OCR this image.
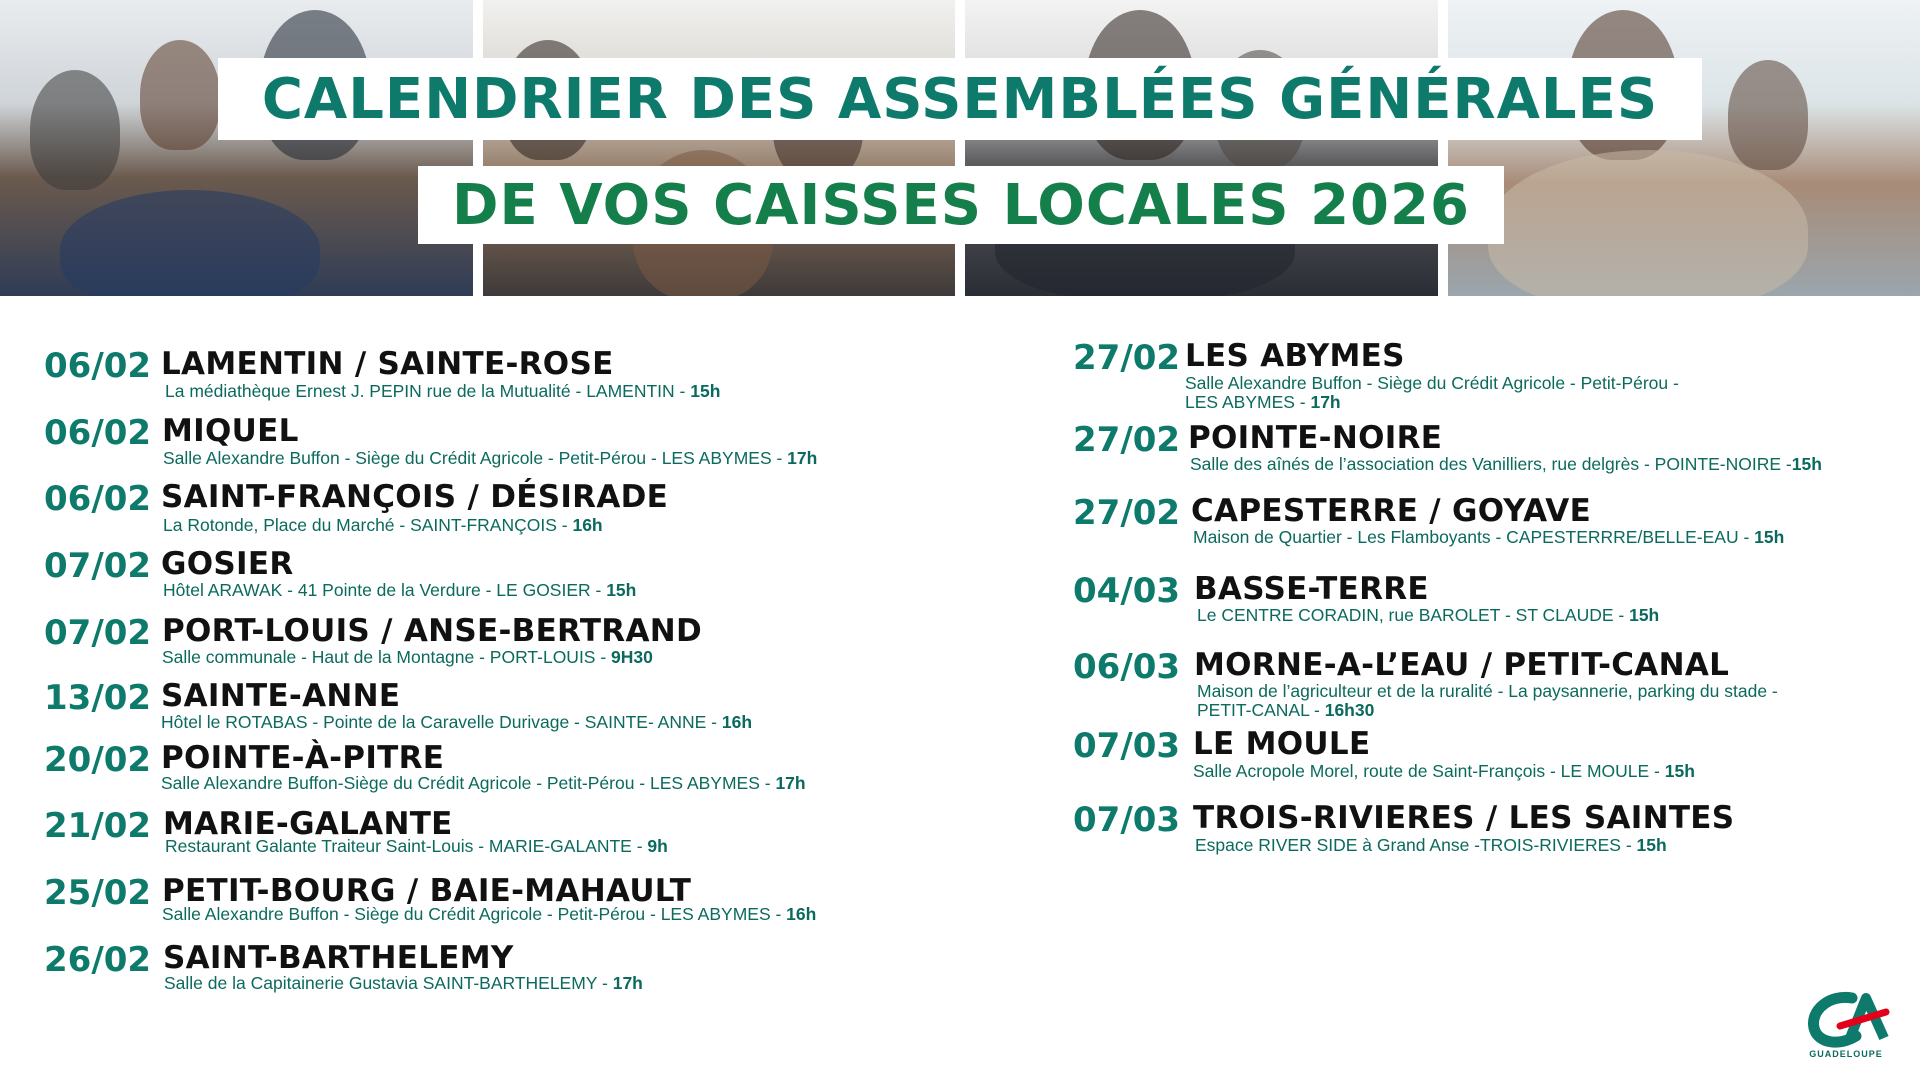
CALENDRIER DES ASSEMBLÉES GÉNÉRALES
DE VOS CAISSES LOCALES 2026
06/02 LAMENTIN / SAINTE-ROSE
La médiathèque Ernest J. PEPIN rue de la Mutualité - LAMENTIN - 15h
06/02 MIQUEL
Salle Alexandre Buffon - Siège du Crédit Agricole - Petit-Pérou - LES ABYMES - 17h
06/02 SAINT-FRANÇOIS / DÉSIRADE
La Rotonde, Place du Marché - SAINT-FRANÇOIS - 16h
07/02 GOSIER
Hôtel ARAWAK - 41 Pointe de la Verdure - LE GOSIER - 15h
07/02 PORT-LOUIS / ANSE-BERTRAND
Salle communale - Haut de la Montagne - PORT-LOUIS - 9H30
13/02 SAINTE-ANNE
Hôtel le ROTABAS - Pointe de la Caravelle Durivage - SAINTE- ANNE - 16h
20/02 POINTE-À-PITRE
Salle Alexandre Buffon-Siège du Crédit Agricole - Petit-Pérou - LES ABYMES - 17h
21/02 MARIE-GALANTE
Restaurant Galante Traiteur Saint-Louis - MARIE-GALANTE - 9h
25/02 PETIT-BOURG / BAIE-MAHAULT
Salle Alexandre Buffon - Siège du Crédit Agricole - Petit-Pérou - LES ABYMES - 16h
26/02 SAINT-BARTHELEMY
Salle de la Capitainerie Gustavia SAINT-BARTHELEMY - 17h
27/02 LES ABYMES
Salle Alexandre Buffon - Siège du Crédit Agricole - Petit-Pérou -
LES ABYMES - 17h
27/02 POINTE-NOIRE
Salle des aînés de l’association des Vanilliers, rue delgrès - POINTE-NOIRE -15h
27/02 CAPESTERRE / GOYAVE
Maison de Quartier - Les Flamboyants - CAPESTERRRE/BELLE-EAU - 15h
04/03 BASSE-TERRE
Le CENTRE CORADIN, rue BAROLET - ST CLAUDE - 15h
06/03 MORNE-A-L’EAU / PETIT-CANAL
Maison de l’agriculteur et de la ruralité - La paysannerie, parking du stade -
PETIT-CANAL - 16h30
07/03 LE MOULE
Salle Acropole Morel, route de Saint-François - LE MOULE - 15h
07/03 TROIS-RIVIERES / LES SAINTES
Espace RIVER SIDE à Grand Anse -TROIS-RIVIERES - 15h
GUADELOUPE
